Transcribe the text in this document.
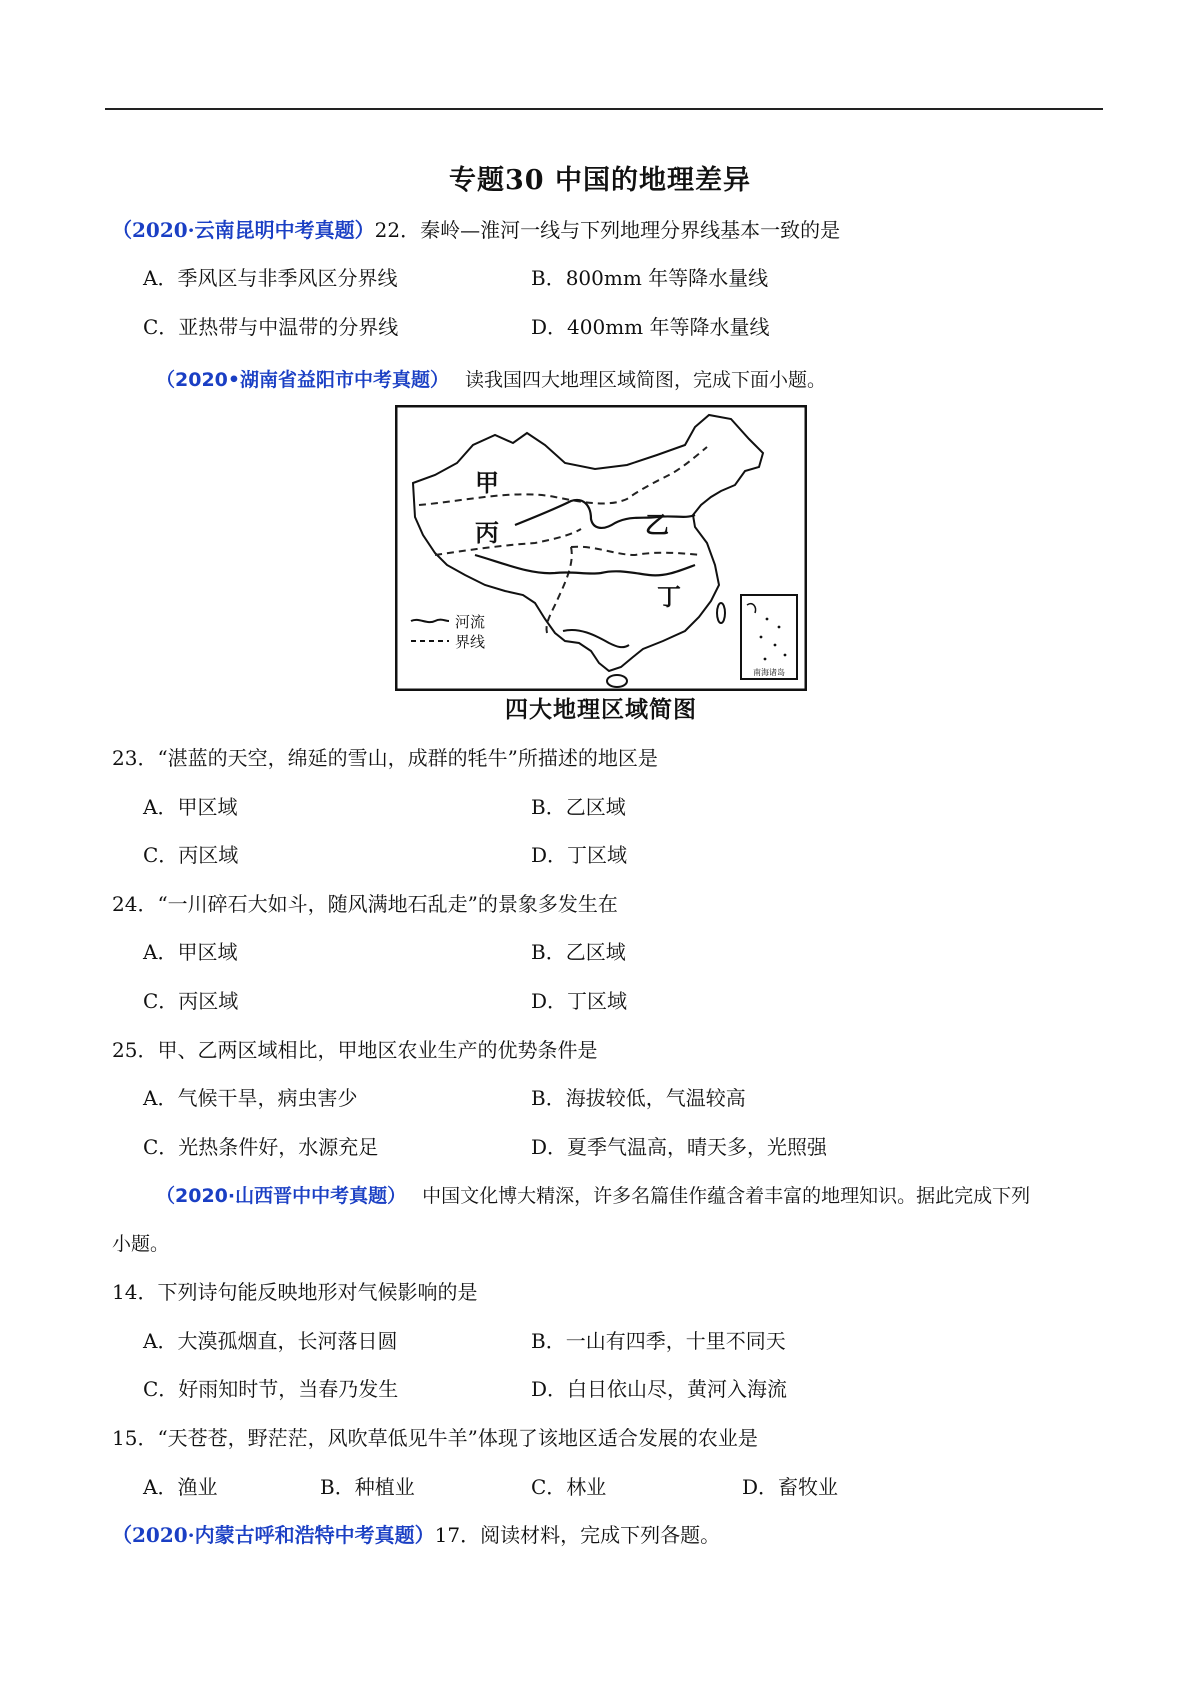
专题30 中国的地理差异
（2020·云南昆明中考真题）22．秦岭—淮河一线与下列地理分界线基本一致的是
A．季风区与非季风区分界线	B．800mm 年等降水量线
C．亚热带与中温带的分界线	D．400mm 年等降水量线
（2020•湖南省益阳市中考真题） 读我国四大地理区域简图，完成下面小题。
甲
乙
丙
丁
河流
界线
南海诸岛
四大地理区域简图
23．“湛蓝的天空，绵延的雪山，成群的牦牛”所描述的地区是
A．甲区域	B．乙区域
C．丙区域	D．丁区域
24．“一川碎石大如斗，随风满地石乱走”的景象多发生在
A．甲区域	B．乙区域
C．丙区域	D．丁区域
25．甲、乙两区域相比，甲地区农业生产的优势条件是
A．气候干旱，病虫害少	B．海拔较低，气温较高
C．光热条件好，水源充足	D．夏季气温高，晴天多，光照强
（2020·山西晋中中考真题） 中国文化博大精深，许多名篇佳作蕴含着丰富的地理知识。据此完成下列
小题。
14．下列诗句能反映地形对气候影响的是
A．大漠孤烟直，长河落日圆	B．一山有四季，十里不同天
C．好雨知时节，当春乃发生	D．白日依山尽，黄河入海流
15．“天苍苍，野茫茫，风吹草低见牛羊”体现了该地区适合发展的农业是
A．渔业	B．种植业	C．林业	D．畜牧业
（2020·内蒙古呼和浩特中考真题）17．阅读材料，完成下列各题。
